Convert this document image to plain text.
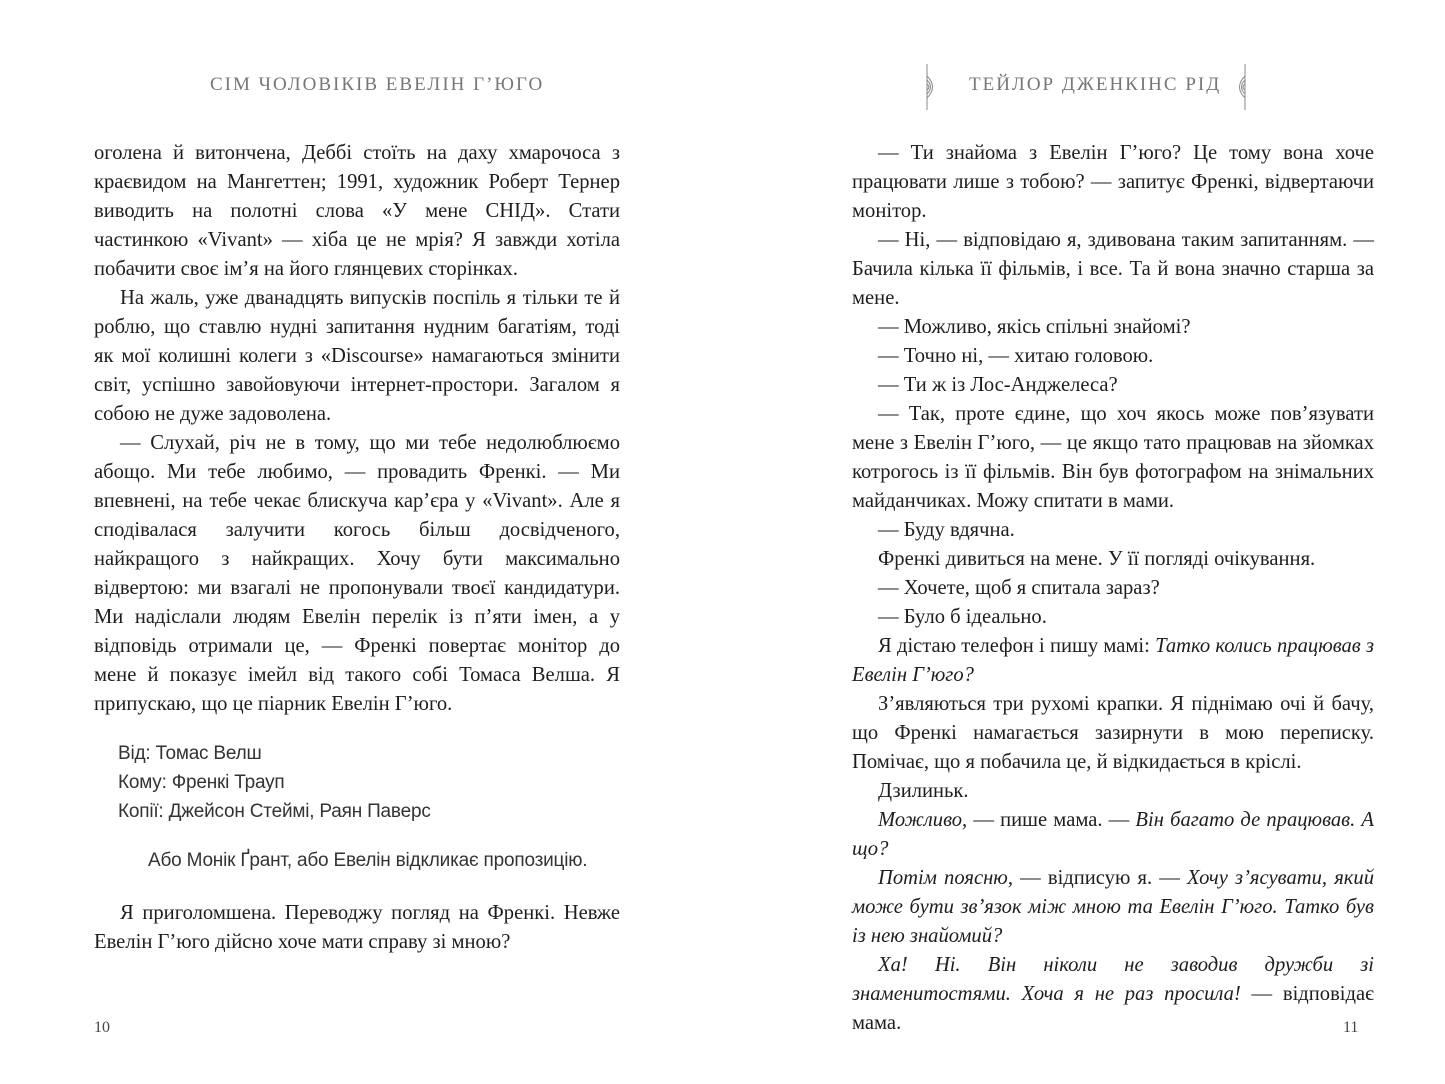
СІМ ЧОЛОВІКІВ ЕВЕЛІН Г’ЮГО

оголена й витончена, Деббі стоїть на даху хмарочоса з краєвидом на Мангеттен; 1991, художник Роберт Тернер виводить на полотні слова «У мене СНІД». Стати частинкою «Vivant» — хіба це не мрія? Я завжди хотіла побачити своє ім’я на його глянцевих сторінках.

На жаль, уже дванадцять випусків поспіль я тільки те й роблю, що ставлю нудні запитання нудним багатіям, тоді як мої колишні колеги з «Discourse» намагаються змінити світ, успішно завойовуючи інтернет-простори. Загалом я собою не дуже задоволена.

— Слухай, річ не в тому, що ми тебе недолюблюємо абощо. Ми тебе любимо, — провадить Френкі. — Ми впевнені, на тебе чекає блискуча кар’єра у «Vivant». Але я сподівалася залучити когось більш досвідченого, найкращого з найкращих. Хочу бути максимально відвертою: ми взагалі не пропонували твоєї кандидатури. Ми надіслали людям Евелін перелік із п’яти імен, а у відповідь отримали це, — Френкі повертає монітор до мене й показує імейл від такого собі Томаса Велша. Я припускаю, що це піарник Евелін Г’юго.

Від: Томас Велш
Кому: Френкі Трауп
Копії: Джейсон Стеймі, Раян Паверс
Або Монік Ґрант, або Евелін відкликає пропозицію.

Я приголомшена. Переводжу погляд на Френкі. Невже Евелін Г’юго дійсно хоче мати справу зі мною?

10
ТЕЙЛОР ДЖЕНКІНС РІД

— Ти знайома з Евелін Г’юго? Це тому вона хоче працювати лише з тобою? — запитує Френкі, відвертаючи монітор.

— Ні, — відповідаю я, здивована таким запитанням. — Бачила кілька її фільмів, і все. Та й вона значно старша за мене.

— Можливо, якісь спільні знайомі?

— Точно ні, — хитаю головою.

— Ти ж із Лос-Анджелеса?

— Так, проте єдине, що хоч якось може пов’язувати мене з Евелін Г’юго, — це якщо тато працював на зйомках котрогось із її фільмів. Він був фотографом на знімальних майданчиках. Можу спитати в мами.

— Буду вдячна.

Френкі дивиться на мене. У її погляді очікування.

— Хочете, щоб я спитала зараз?

— Було б ідеально.

Я дістаю телефон і пишу мамі: Татко колись працював з Евелін Г’юго?

З’являються три рухомі крапки. Я піднімаю очі й бачу, що Френкі намагається зазирнути в мою переписку. Помічає, що я побачила це, й відкидається в кріслі.

Дзилиньк.

Можливо, — пише мама. — Він багато де працював. А що?

Потім поясню, — відписую я. — Хочу з’ясувати, який може бути зв’язок між мною та Евелін Г’юго. Татко був із нею знайомий?

Ха! Ні. Він ніколи не заводив дружби зі знаменитостями. Хоча я не раз просила! — відповідає мама.	11
